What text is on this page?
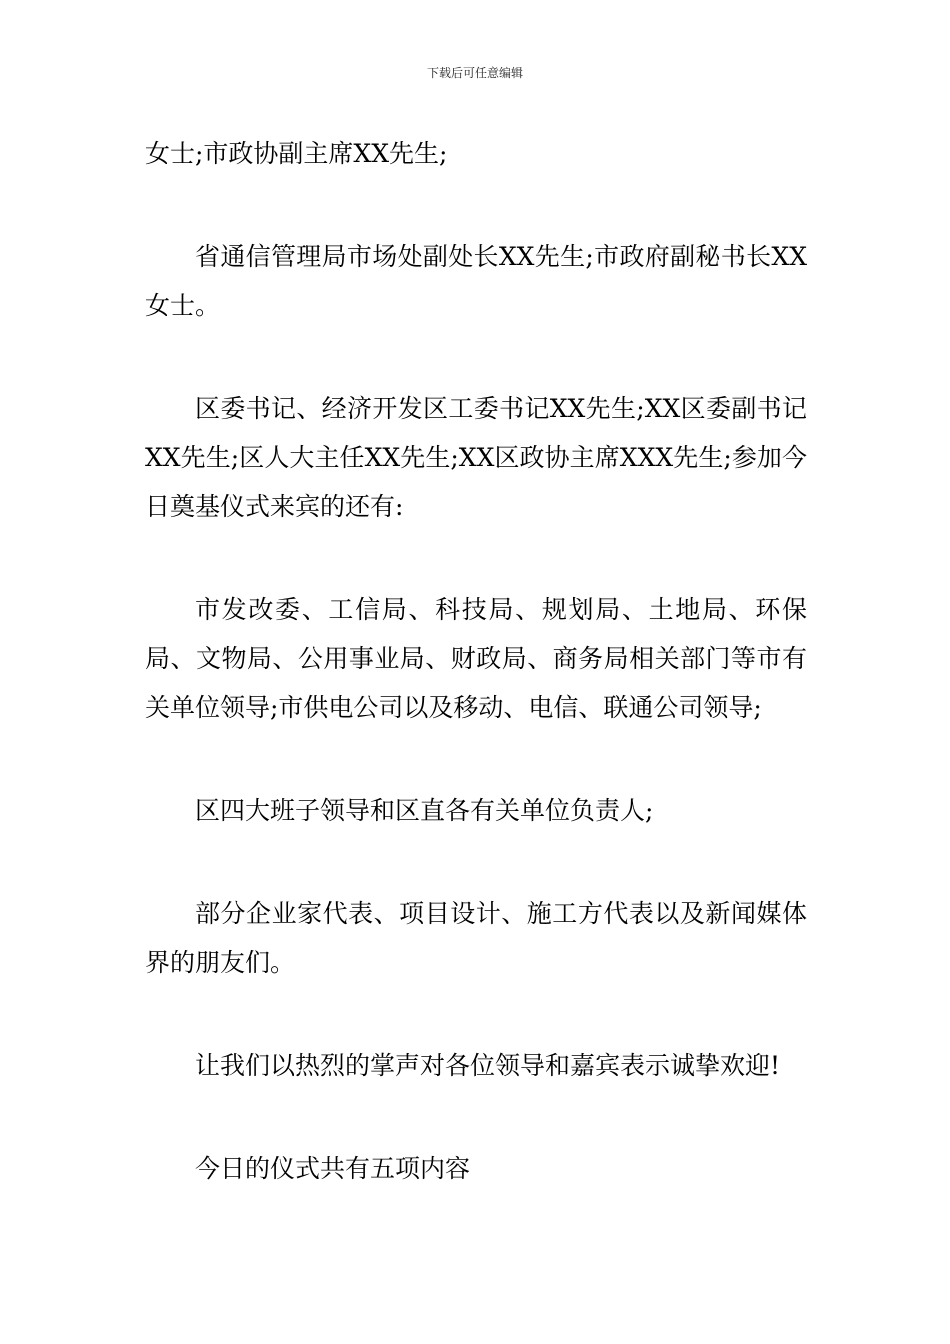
下载后可任意编辑

女士;市政协副主席XX先生;

省通信管理局市场处副处长XX先生;市政府副秘书长XX女士。

区委书记、经济开发区工委书记XX先生;XX区委副书记XX先生;区人大主任XX先生;XX区政协主席XXX先生;参加今日奠基仪式来宾的还有:

市发改委、工信局、科技局、规划局、土地局、环保局、文物局、公用事业局、财政局、商务局相关部门等市有关单位领导;市供电公司以及移动、电信、联通公司领导;

区四大班子领导和区直各有关单位负责人;

部分企业家代表、项目设计、施工方代表以及新闻媒体界的朋友们。

让我们以热烈的掌声对各位领导和嘉宾表示诚挚欢迎!

今日的仪式共有五项内容
